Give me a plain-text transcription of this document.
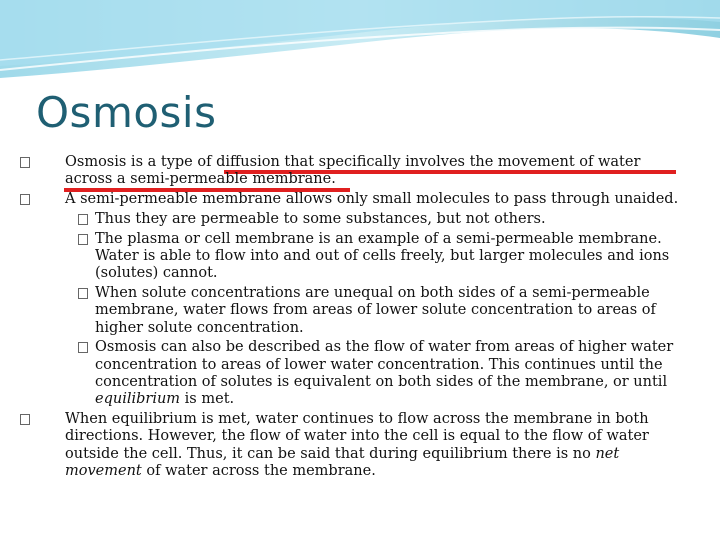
Osmosis
Osmosis is a type of diffusion that specifically involves the movement of water across a semi-permeable membrane.
A semi-permeable membrane allows only small molecules to pass through unaided.
Thus they are permeable to some substances, but not others.
The plasma or cell membrane is an example of a semi-permeable membrane. Water is able to flow into and out of cells freely, but larger molecules and ions (solutes) cannot.
When solute concentrations are unequal on both sides of a semi-permeable membrane, water flows from areas of lower solute concentration to areas of higher solute concentration.
Osmosis can also be described as the flow of water from areas of higher water concentration to areas of lower water concentration. This continues until the concentration of solutes is equivalent on both sides of the membrane, or until equilibrium is met.
When equilibrium is met, water continues to flow across the membrane in both directions. However, the flow of water into the cell is equal to the flow of water outside the cell. Thus, it can be said that during equilibrium there is no net movement of water across the membrane.
